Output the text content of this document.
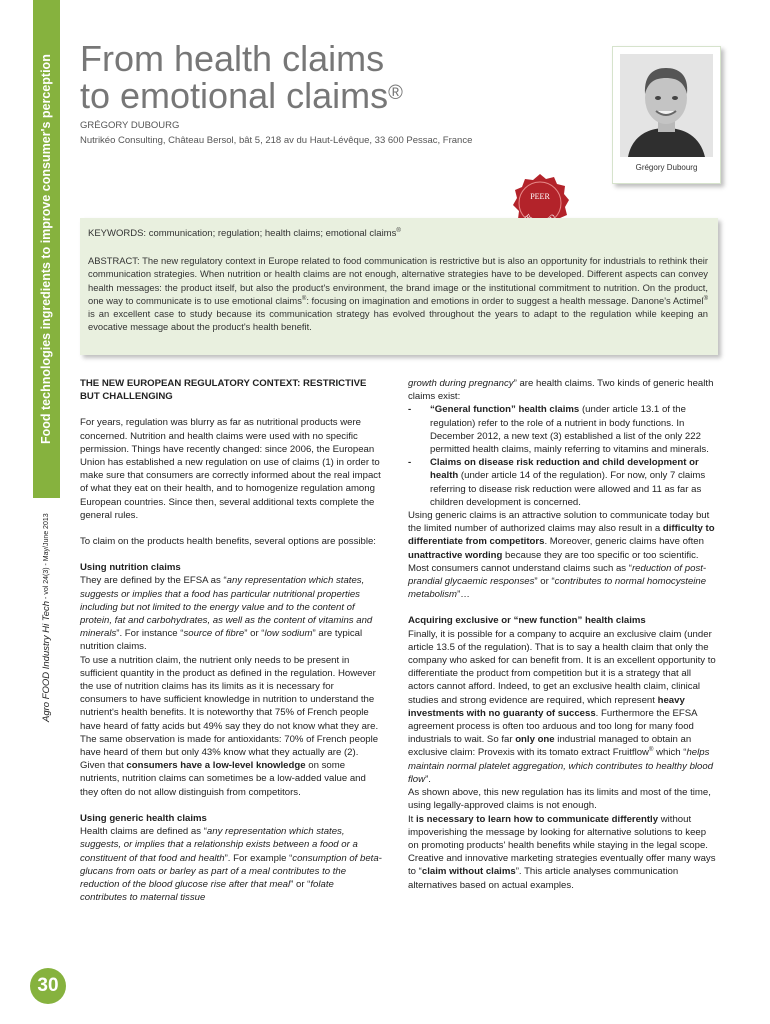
Food technologies ingredients to improve consumer's perception
Agro FOOD Industry Hi Tech - vol 24(3) - May/June 2013
30
From health claims
to emotional claims®
GRÉGORY DUBOURG
Nutrikéo Consulting, Château Bersol, bât 5, 218 av du Haut-Lévêque, 33 600 Pessac, France
Grégory Dubourg
PEER
KEYWORDS: communication; regulation; health claims; emotional claims®

ABSTRACT: The new regulatory context in Europe related to food communication is restrictive but is also an opportunity for industrials to rethink their communication strategies. When nutrition or health claims are not enough, alternative strategies have to be developed. Different aspects can convey health messages: the product itself, but also the product's environment, the brand image or the institutional commitment to nutrition. On the product, one way to communicate is to use emotional claims®: focusing on imagination and emotions in order to suggest a health message. Danone's Actimel® is an excellent case to study because its communication strategy has evolved throughout the years to adapt to the regulation while keeping an evocative message about the product's health benefit.

THE NEW EUROPEAN REGULATORY CONTEXT: RESTRICTIVE BUT CHALLENGING

For years, regulation was blurry as far as nutritional products were concerned. Nutrition and health claims were used with no specific permission. Things have recently changed: since 2006, the European Union has established a new regulation on use of claims (1) in order to make sure that consumers are correctly informed about the real impact of what they eat on their health, and to homogenize regulation among European countries. Since then, several additional texts complete the general rules.

To claim on the products health benefits, several options are possible:

Using nutrition claims

They are defined by the EFSA as “any representation which states, suggests or implies that a food has particular nutritional properties including but not limited to the energy value and to the content of protein, fat and carbohydrates, as well as the content of vitamins and minerals”. For instance “source of fibre” or “low sodium” are typical nutrition claims.

To use a nutrition claim, the nutrient only needs to be present in sufficient quantity in the product as defined in the regulation. However the use of nutrition claims has its limits as it is necessary for consumers to have sufficient knowledge in nutrition to understand the nutrient's health benefits. It is noteworthy that 75% of French people have heard of fatty acids but 49% say they do not know what they are. The same observation is made for antioxidants: 70% of French people have heard of them but only 43% know what they actually are (2). Given that consumers have a low-level knowledge on some nutrients, nutrition claims can sometimes be a low-added value and they often do not allow distinguish from competitors.

Using generic health claims

Health claims are defined as “any representation which states, suggests, or implies that a relationship exists between a food or a constituent of that food and health”. For example “consumption of beta-glucans from oats or barley as part of a meal contributes to the reduction of the blood glucose rise after that meal” or “folate contributes to maternal tissue

growth during pregnancy” are health claims. Two kinds of generic health claims exist:

-	“General function” health claims (under article 13.1 of the regulation) refer to the role of a nutrient in body functions. In December 2012, a new text (3) established a list of the only 222 permitted health claims, mainly referring to vitamins and minerals.
-	Claims on disease risk reduction and child development or health (under article 14 of the regulation). For now, only 7 claims referring to disease risk reduction were allowed and 11 as far as children development is concerned.

Using generic claims is an attractive solution to communicate today but the limited number of authorized claims may also result in a difficulty to differentiate from competitors. Moreover, generic claims have often unattractive wording because they are too specific or too scientific. Most consumers cannot understand claims such as “reduction of post-prandial glycaemic responses” or “contributes to normal homocysteine metabolism”…

Acquiring exclusive or “new function” health claims

Finally, it is possible for a company to acquire an exclusive claim (under article 13.5 of the regulation). That is to say a health claim that only the company who asked for can benefit from. It is an excellent opportunity to differentiate the product from competition but it is a strategy that all actors cannot afford. Indeed, to get an exclusive health claim, clinical studies and strong evidence are required, which represent heavy investments with no guaranty of success. Furthermore the EFSA agreement process is often too arduous and too long for many food industrials to wait. So far only one industrial managed to obtain an exclusive claim: Provexis with its tomato extract Fruitflow® which “helps maintain normal platelet aggregation, which contributes to healthy blood flow”.

As shown above, this new regulation has its limits and most of the time, using legally-approved claims is not enough.

It is necessary to learn how to communicate differently without impoverishing the message by looking for alternative solutions to keep on promoting products' health benefits while staying in the legal scope. Creative and innovative marketing strategies eventually offer many ways to “claim without claims”. This article analyses communication alternatives based on actual examples.
